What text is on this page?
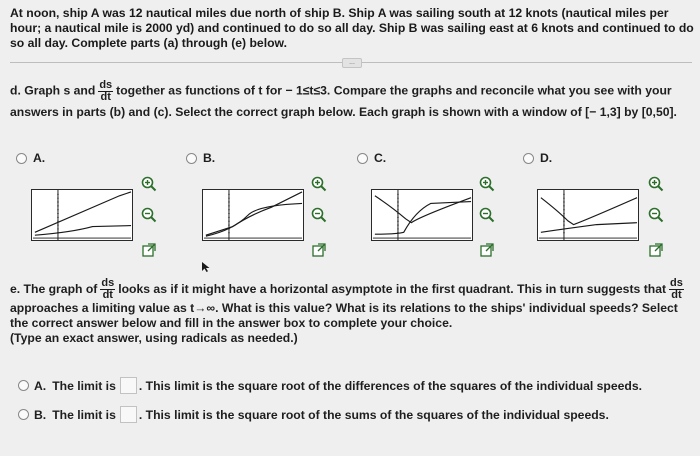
At noon, ship A was 12 nautical miles due north of ship B. Ship A was sailing south at 12 knots (nautical miles per hour; a nautical mile is 2000 yd) and continued to do so all day. Ship B was sailing east at 6 knots and continued to do so all day. Complete parts (a) through (e) below.
...
d. Graph s and $\frac{ds}{dt}$ together as functions of t for − 1≤t≤3. Compare the graphs and reconcile what you see with your
answers in parts (b) and (c). Select the correct graph below. Each graph is shown with a window of [− 1,3] by [0,50].
A.	B.	C.	D.
e. The graph of $\frac{ds}{dt}$ looks as if it might have a horizontal asymptote in the first quadrant. This in turn suggests that $\frac{ds}{dt}$
approaches a limiting value as t→∞. What is this value? What is its relations to the ships' individual speeds? Select
the correct answer below and fill in the answer box to complete your choice.
(Type an exact answer, using radicals as needed.)
A. The limit is . This limit is the square root of the differences of the squares of the individual speeds.
B. The limit is . This limit is the square root of the sums of the squares of the individual speeds.
